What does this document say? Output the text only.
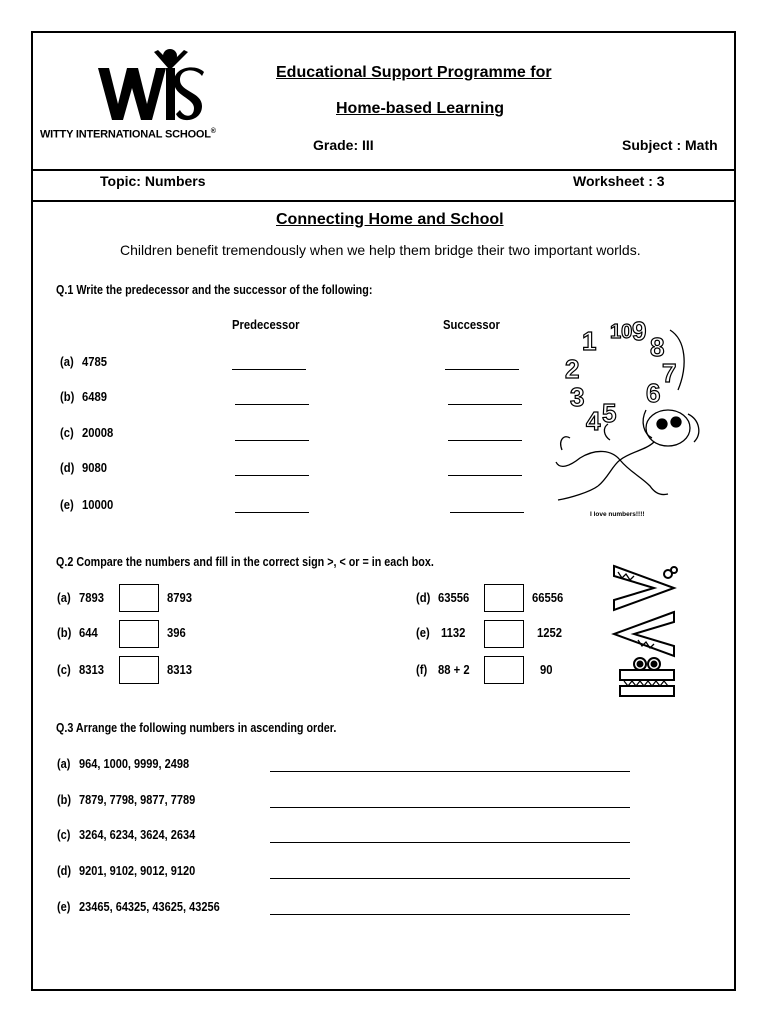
WITTY INTERNATIONAL SCHOOL®
Educational Support Programme for
Home-based Learning
Grade: III	Subject : Math
Topic: Numbers	Worksheet : 3
Connecting Home and School
Children benefit tremendously when we help them bridge their two important worlds.
Q.1 Write the predecessor and the successor of the following:
Predecessor	Successor
(a) 4785
(b) 6489
(c) 20008
(d) 9080
(e) 10000
1
2
3
4 5
6
7
8
9
10
I love numbers!!!!
Q.2 Compare the numbers and fill in the correct sign >, < or = in each box.
(a) 7893	8793
(b) 644	396
(c) 8313	8313
(d) 63556	66556
(e) 1132	1252
(f) 88 + 2	90
Q.3 Arrange the following numbers in ascending order.
(a) 964, 1000, 9999, 2498
(b) 7879, 7798, 9877, 7789
(c) 3264, 6234, 3624, 2634
(d) 9201, 9102, 9012, 9120
(e) 23465, 64325, 43625, 43256
